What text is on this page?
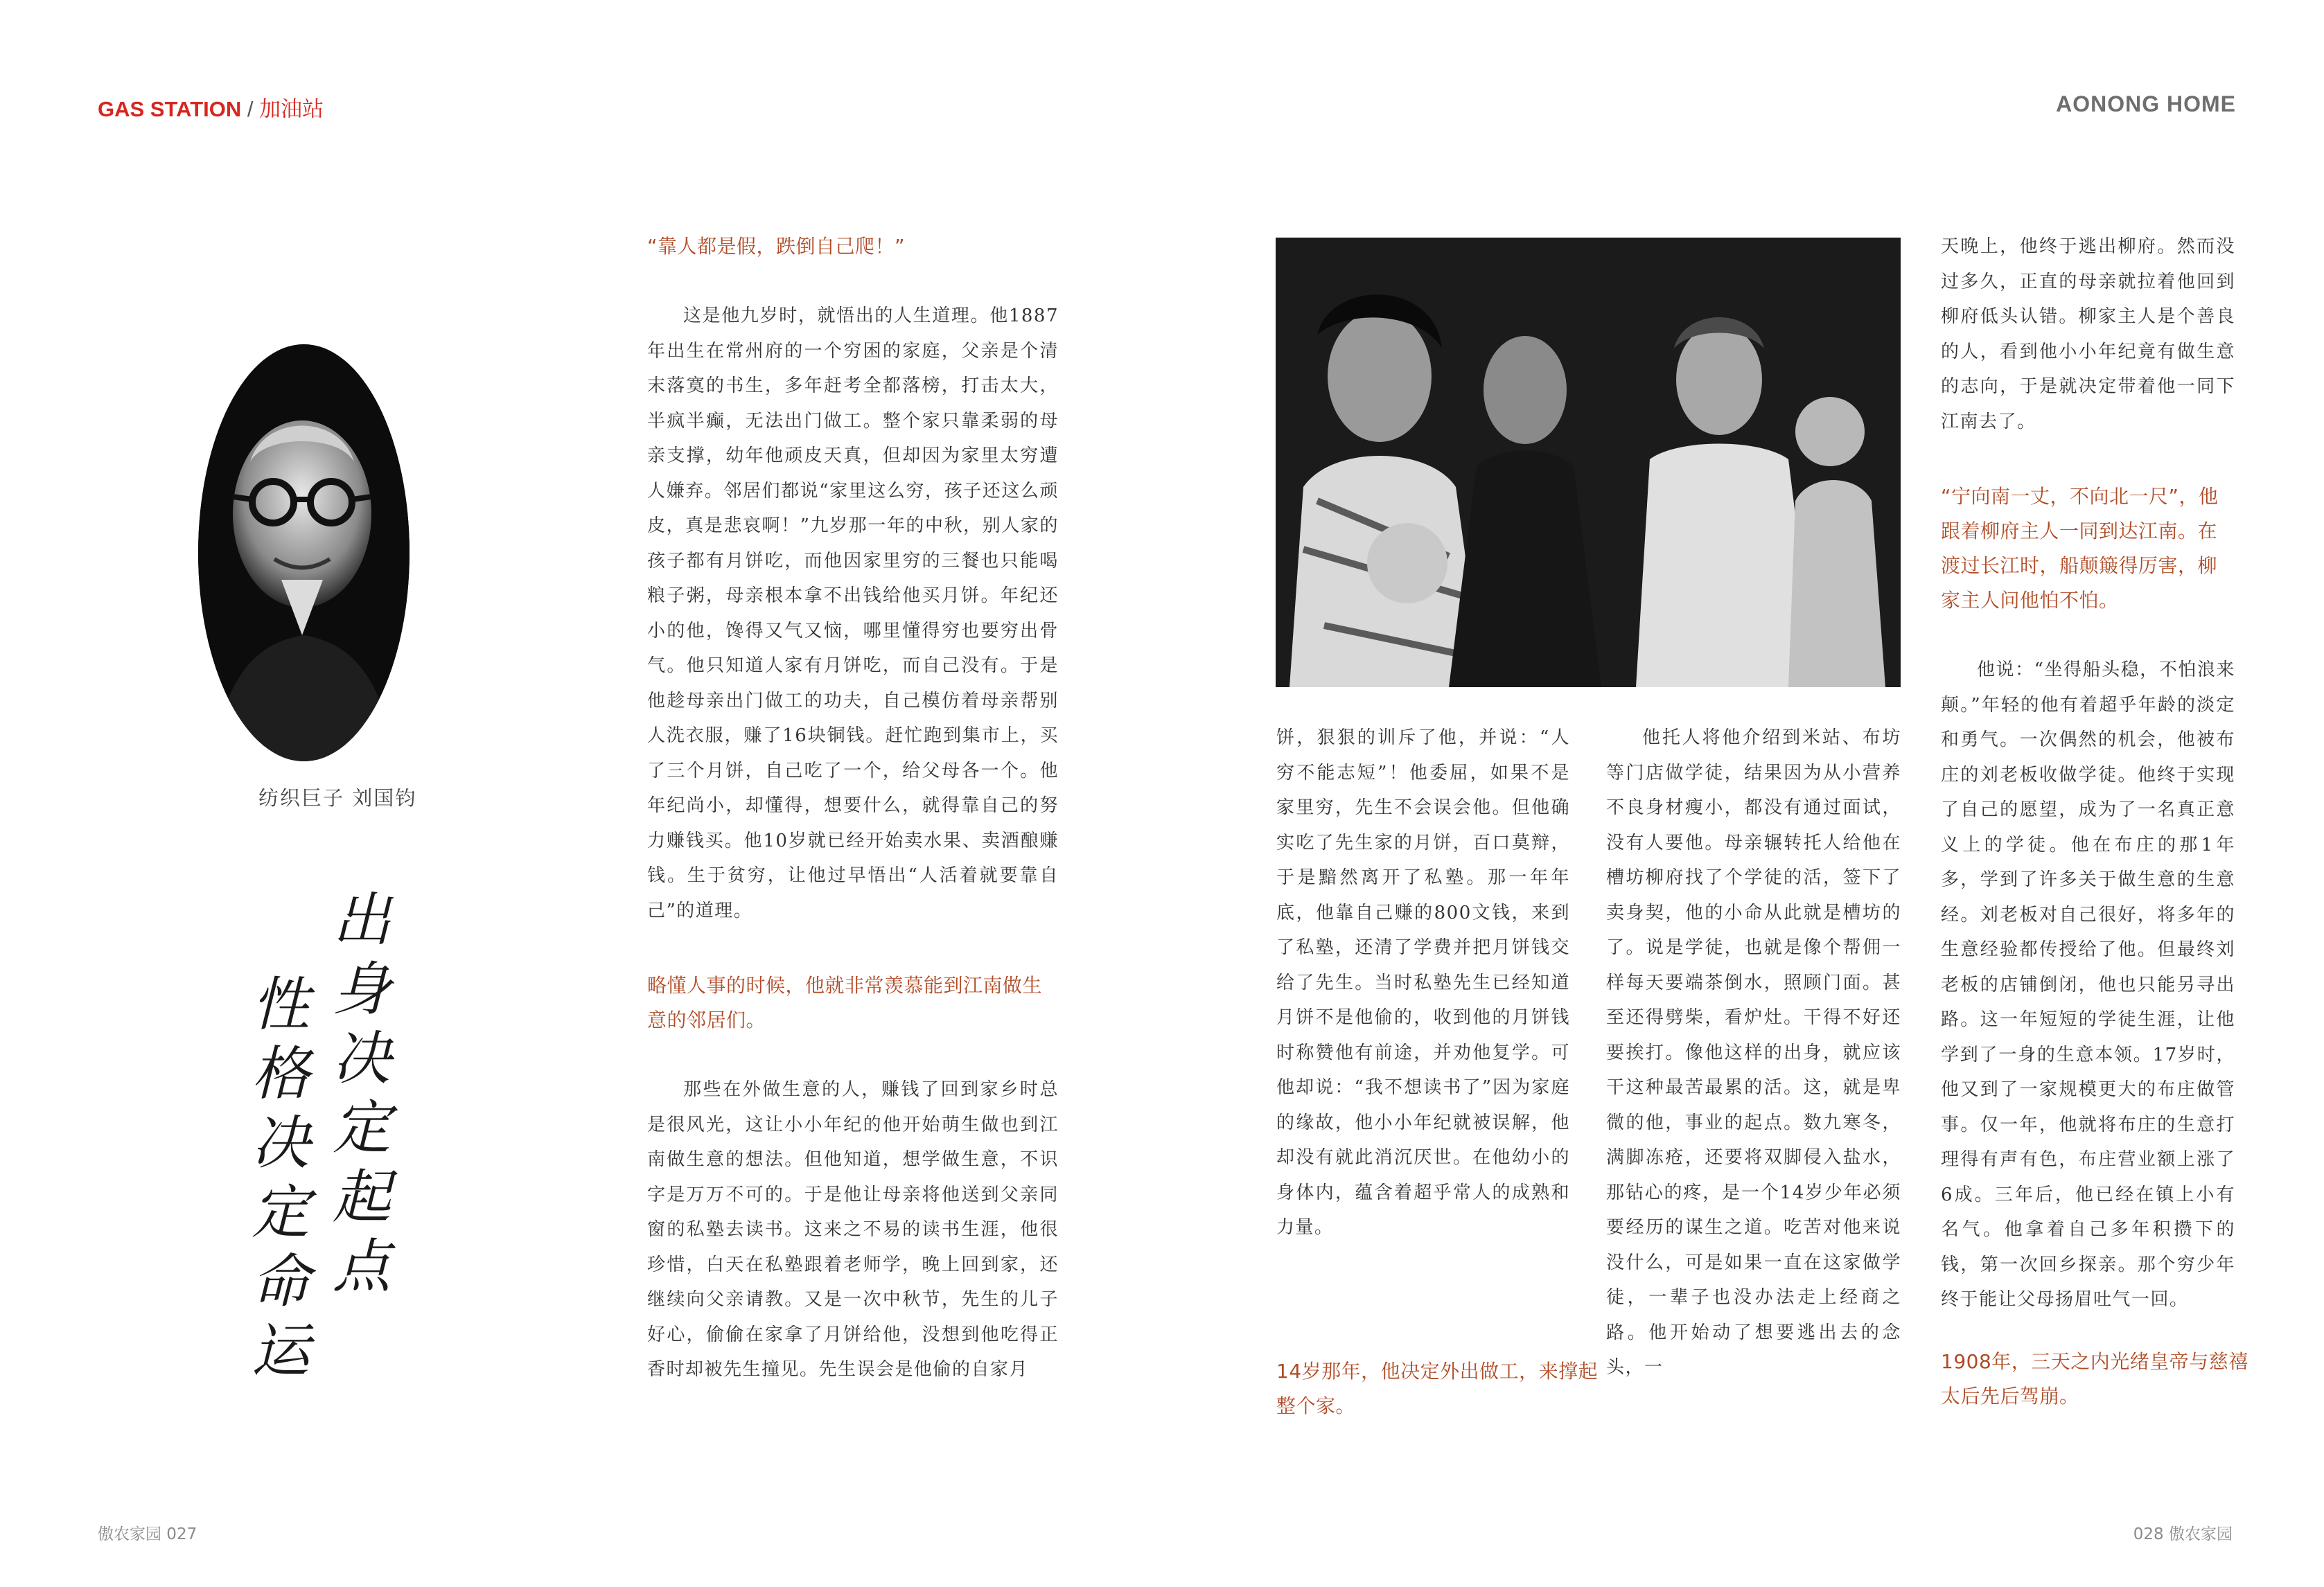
GAS STATION / 加油站	AONONG HOME
纺织巨子 刘国钧
出身决定起点
性格决定命运
“靠人都是假，跌倒自己爬！”

这是他九岁时，就悟出的人生道理。他1887年出生在常州府的一个穷困的家庭，父亲是个清末落寞的书生，多年赶考全都落榜，打击太大，半疯半癫，无法出门做工。整个家只靠柔弱的母亲支撑，幼年他顽皮天真，但却因为家里太穷遭人嫌弃。邻居们都说“家里这么穷，孩子还这么顽皮，真是悲哀啊！”九岁那一年的中秋，别人家的孩子都有月饼吃，而他因家里穷的三餐也只能喝粮子粥，母亲根本拿不出钱给他买月饼。年纪还小的他，馋得又气又恼，哪里懂得穷也要穷出骨气。他只知道人家有月饼吃，而自己没有。于是他趁母亲出门做工的功夫，自己模仿着母亲帮别人洗衣服，赚了16块铜钱。赶忙跑到集市上，买了三个月饼，自己吃了一个，给父母各一个。他年纪尚小，却懂得，想要什么，就得靠自己的努力赚钱买。他10岁就已经开始卖水果、卖酒酿赚钱。生于贫穷，让他过早悟出“人活着就要靠自己”的道理。

略懂人事的时候，他就非常羡慕能到江南做生意的邻居们。

那些在外做生意的人，赚钱了回到家乡时总是很风光，这让小小年纪的他开始萌生做也到江南做生意的想法。但他知道，想学做生意，不识字是万万不可的。于是他让母亲将他送到父亲同窗的私塾去读书。这来之不易的读书生涯，他很珍惜，白天在私塾跟着老师学，晚上回到家，还继续向父亲请教。又是一次中秋节，先生的儿子好心，偷偷在家拿了月饼给他，没想到他吃得正香时却被先生撞见。先生误会是他偷的自家月

饼，狠狠的训斥了他，并说：“人穷不能志短”！他委屈，如果不是家里穷，先生不会误会他。但他确实吃了先生家的月饼，百口莫辩，于是黯然离开了私塾。那一年年底，他靠自己赚的800文钱，来到了私塾，还清了学费并把月饼钱交给了先生。当时私塾先生已经知道月饼不是他偷的，收到他的月饼钱时称赞他有前途，并劝他复学。可他却说：“我不想读书了”因为家庭的缘故，他小小年纪就被误解，他却没有就此消沉厌世。在他幼小的身体内，蕴含着超乎常人的成熟和力量。

14岁那年，他决定外出做工，来撑起整个家。

他托人将他介绍到米站、布坊等门店做学徒，结果因为从小营养不良身材瘦小，都没有通过面试，没有人要他。母亲辗转托人给他在槽坊柳府找了个学徒的活，签下了卖身契，他的小命从此就是槽坊的了。说是学徒，也就是像个帮佣一样每天要端茶倒水，照顾门面。甚至还得劈柴，看炉灶。干得不好还要挨打。像他这样的出身，就应该干这种最苦最累的活。这，就是卑微的他，事业的起点。数九寒冬，满脚冻疮，还要将双脚侵入盐水，那钻心的疼，是一个14岁少年必须要经历的谋生之道。吃苦对他来说没什么，可是如果一直在这家做学徒，一辈子也没办法走上经商之路。他开始动了想要逃出去的念头，一

天晚上，他终于逃出柳府。然而没过多久，正直的母亲就拉着他回到柳府低头认错。柳家主人是个善良的人，看到他小小年纪竟有做生意的志向，于是就决定带着他一同下江南去了。

“宁向南一丈，不向北一尺”，他跟着柳府主人一同到达江南。在渡过长江时，船颠簸得厉害，柳家主人问他怕不怕。

他说：“坐得船头稳，不怕浪来颠。”年轻的他有着超乎年龄的淡定和勇气。一次偶然的机会，他被布庄的刘老板收做学徒。他终于实现了自己的愿望，成为了一名真正意义上的学徒。他在布庄的那1年多，学到了许多关于做生意的生意经。刘老板对自己很好，将多年的生意经验都传授给了他。但最终刘老板的店铺倒闭，他也只能另寻出路。这一年短短的学徒生涯，让他学到了一身的生意本领。17岁时，他又到了一家规模更大的布庄做管事。仅一年，他就将布庄的生意打理得有声有色，布庄营业额上涨了6成。三年后，他已经在镇上小有名气。他拿着自己多年积攒下的钱，第一次回乡探亲。那个穷少年终于能让父母扬眉吐气一回。

1908年，三天之内光绪皇帝与慈禧太后先后驾崩。
傲农家园 027	028 傲农家园
